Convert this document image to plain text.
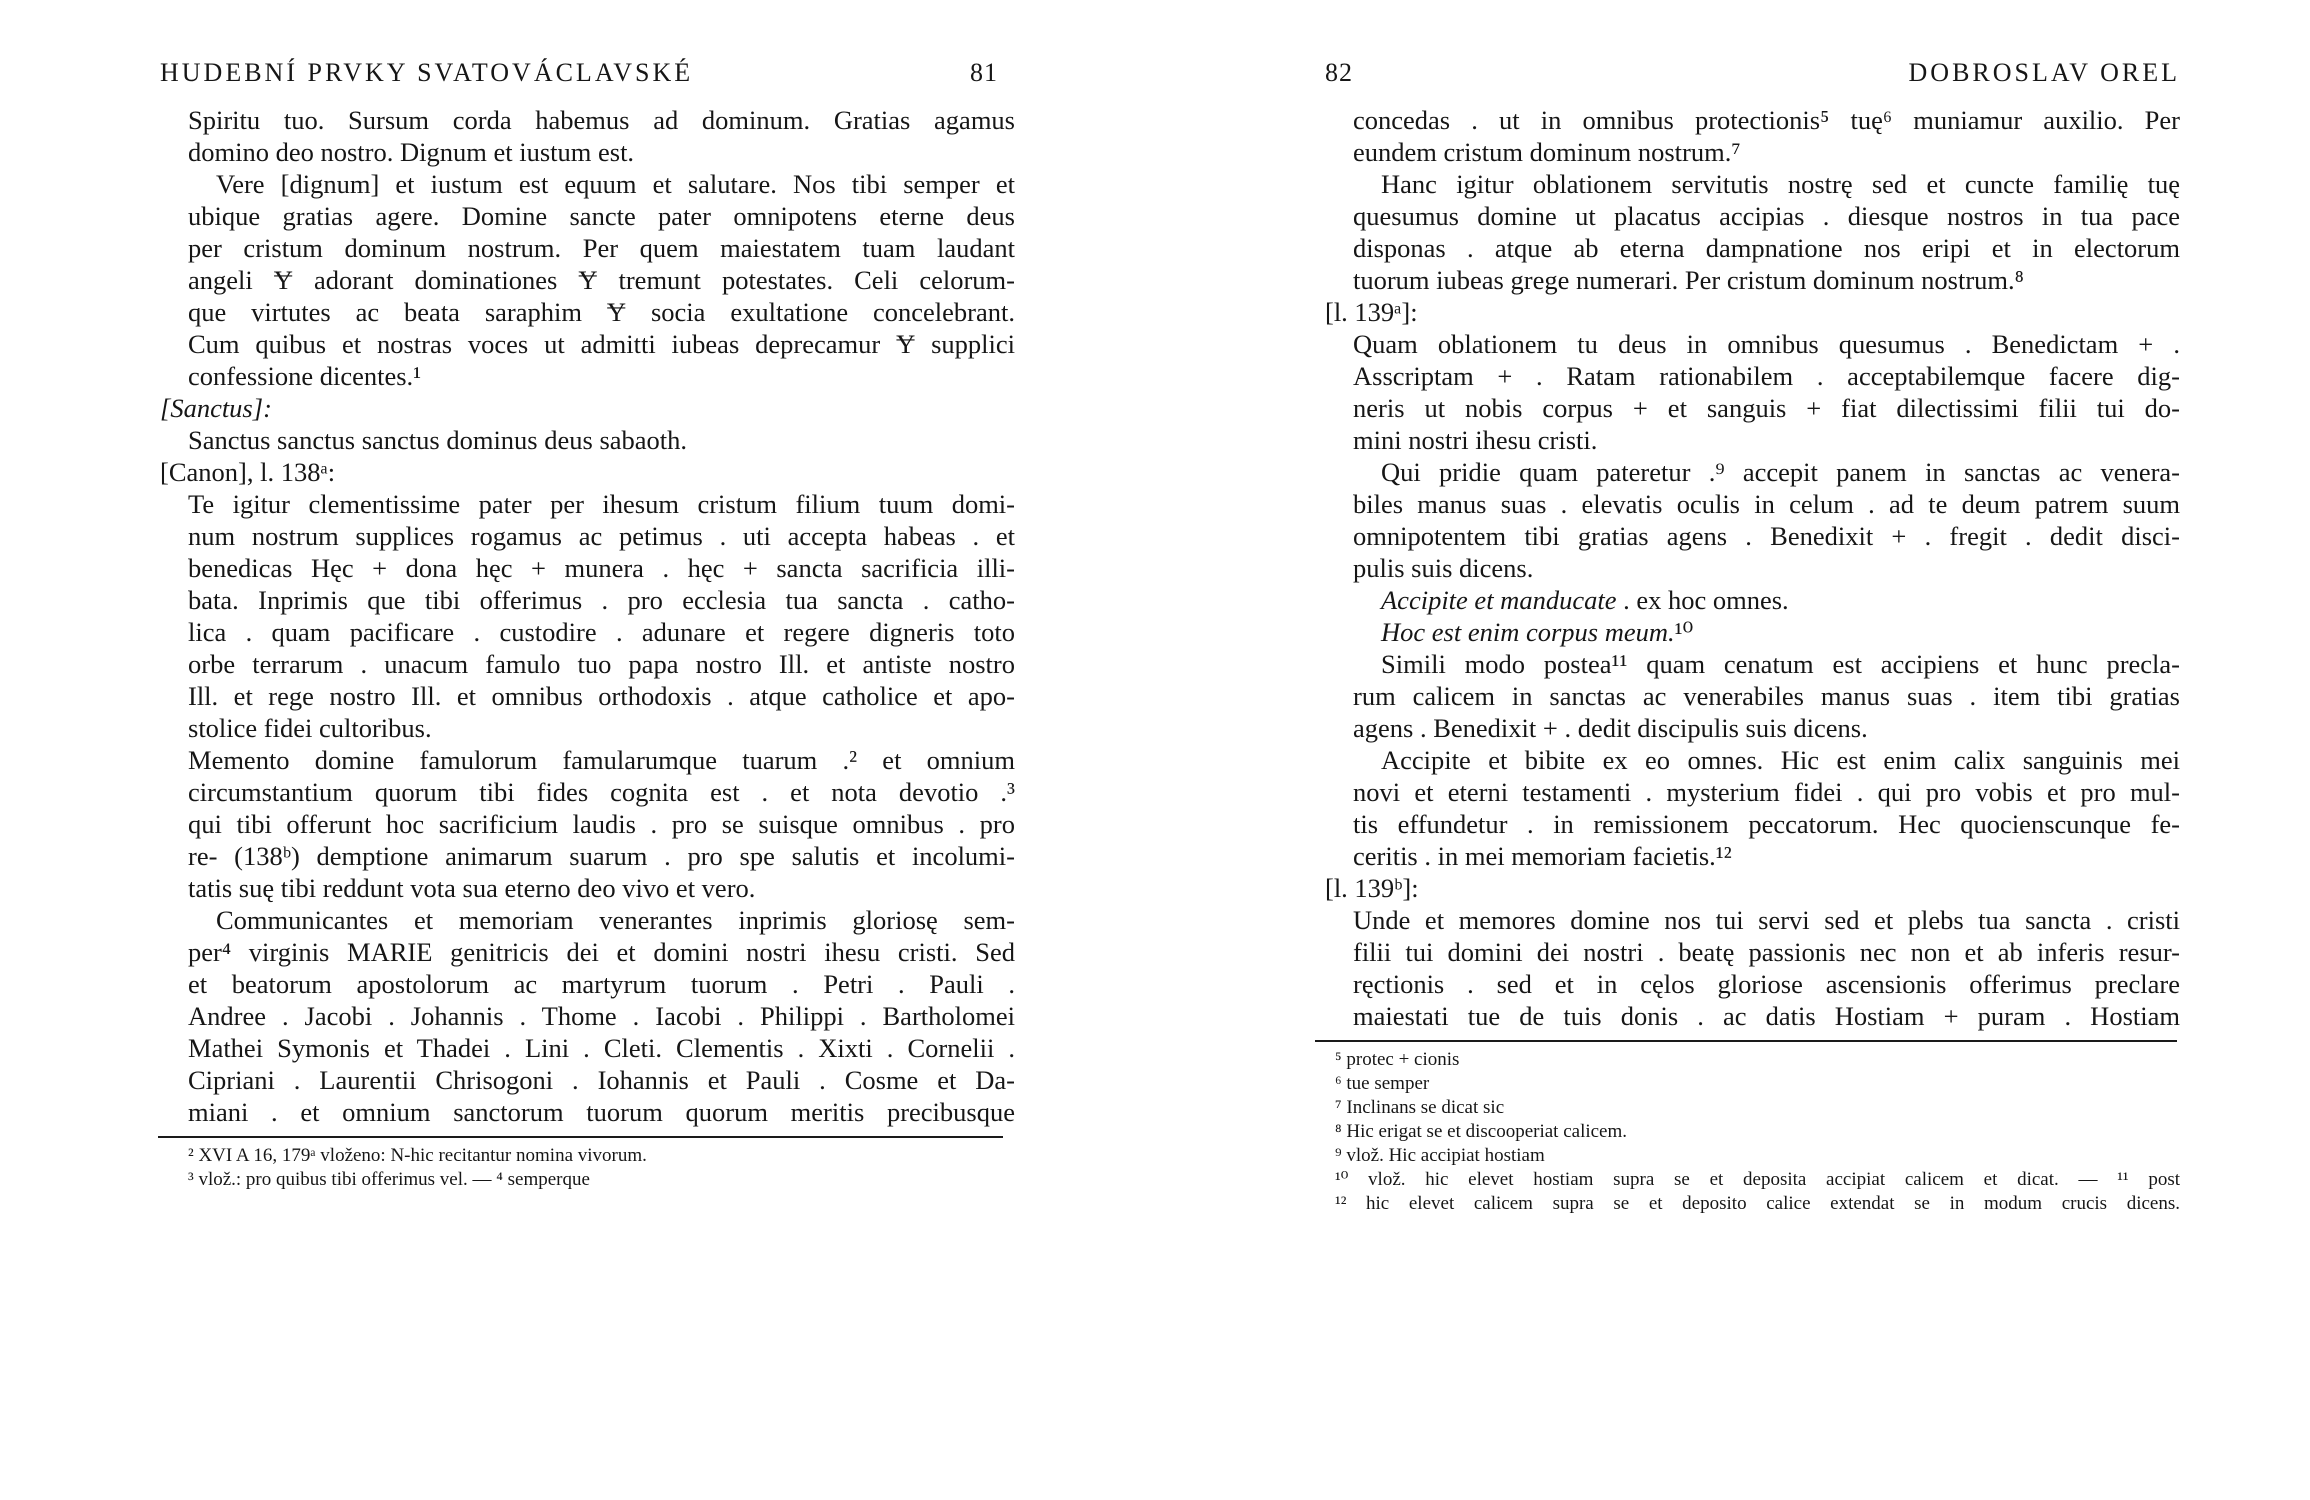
HUDEBNÍ PRVKY SVATOVÁCLAVSKÉ	81
Spiritu tuo. Sursum corda habemus ad dominum. Gratias agamus
domino deo nostro. Dignum et iustum est.
Vere [dignum] et iustum est equum et salutare. Nos tibi semper et
ubique gratias agere. Domine sancte pater omnipotens eterne deus
per cristum dominum nostrum. Per quem maiestatem tuam laudant
angeli Ɏ adorant dominationes Ɏ tremunt potestates. Celi celorum-
que virtutes ac beata saraphim Ɏ socia exultatione concelebrant.
Cum quibus et nostras voces ut admitti iubeas deprecamur Ɏ supplici
confessione dicentes.¹
[Sanctus]:
Sanctus sanctus sanctus dominus deus sabaoth.
[Canon], l. 138ᵃ:
Te igitur clementissime pater per ihesum cristum filium tuum domi-
num nostrum supplices rogamus ac petimus . uti accepta habeas . et
benedicas Hęc + dona hęc + munera . hęc + sancta sacrificia illi-
bata. Inprimis que tibi offerimus . pro ecclesia tua sancta . catho-
lica . quam pacificare . custodire . adunare et regere digneris toto
orbe terrarum . unacum famulo tuo papa nostro Ill. et antiste nostro
Ill. et rege nostro Ill. et omnibus orthodoxis . atque catholice et apo-
stolice fidei cultoribus.
Memento domine famulorum famularumque tuarum .² et omnium
circumstantium quorum tibi fides cognita est . et nota devotio .³
qui tibi offerunt hoc sacrificium laudis . pro se suisque omnibus . pro
re- (138ᵇ) demptione animarum suarum . pro spe salutis et incolumi-
tatis suę tibi reddunt vota sua eterno deo vivo et vero.
Communicantes et memoriam venerantes inprimis gloriosę sem-
per⁴ virginis MARIE genitricis dei et domini nostri ihesu cristi. Sed
et beatorum apostolorum ac martyrum tuorum . Petri . Pauli .
Andree . Jacobi . Johannis . Thome . Iacobi . Philippi . Bartholomei
Mathei Symonis et Thadei . Lini . Cleti. Clementis . Xixti . Cornelii .
Cipriani . Laurentii Chrisogoni . Iohannis et Pauli . Cosme et Da-
miani . et omnium sanctorum tuorum quorum meritis precibusque
² XVI A 16, 179ᵃ vloženo: N-hic recitantur nomina vivorum.
³ vlož.: pro quibus tibi offerimus vel. — ⁴ semperque
82	DOBROSLAV OREL
concedas . ut in omnibus protectionis⁵ tuę⁶ muniamur auxilio. Per
eundem cristum dominum nostrum.⁷
Hanc igitur oblationem servitutis nostrę sed et cuncte familię tuę
quesumus domine ut placatus accipias . diesque nostros in tua pace
disponas . atque ab eterna dampnatione nos eripi et in electorum
tuorum iubeas grege numerari. Per cristum dominum nostrum.⁸
[l. 139ᵃ]:
Quam oblationem tu deus in omnibus quesumus . Benedictam + .
Asscriptam + . Ratam rationabilem . acceptabilemque facere dig-
neris ut nobis corpus + et sanguis + fiat dilectissimi filii tui do-
mini nostri ihesu cristi.
Qui pridie quam pateretur .⁹ accepit panem in sanctas ac venera-
biles manus suas . elevatis oculis in celum . ad te deum patrem suum
omnipotentem tibi gratias agens . Benedixit + . fregit . dedit disci-
pulis suis dicens.
Accipite et manducate . ex hoc omnes.
Hoc est enim corpus meum.¹⁰
Simili modo postea¹¹ quam cenatum est accipiens et hunc precla-
rum calicem in sanctas ac venerabiles manus suas . item tibi gratias
agens . Benedixit + . dedit discipulis suis dicens.
Accipite et bibite ex eo omnes. Hic est enim calix sanguinis mei
novi et eterni testamenti . mysterium fidei . qui pro vobis et pro mul-
tis effundetur . in remissionem peccatorum. Hec quocienscunque fe-
ceritis . in mei memoriam facietis.¹²
[l. 139ᵇ]:
Unde et memores domine nos tui servi sed et plebs tua sancta . cristi
filii tui domini dei nostri . beatę passionis nec non et ab inferis resur-
ręctionis . sed et in cęlos gloriose ascensionis offerimus preclare
maiestati tue de tuis donis . ac datis Hostiam + puram . Hostiam
⁵ protec + cionis
⁶ tue semper
⁷ Inclinans se dicat sic
⁸ Hic erigat se et discooperiat calicem.
⁹ vlož. Hic accipiat hostiam
¹⁰ vlož. hic elevet hostiam supra se et deposita accipiat calicem et dicat. — ¹¹ post
¹² hic elevet calicem supra se et deposito calice extendat se in modum crucis dicens.
